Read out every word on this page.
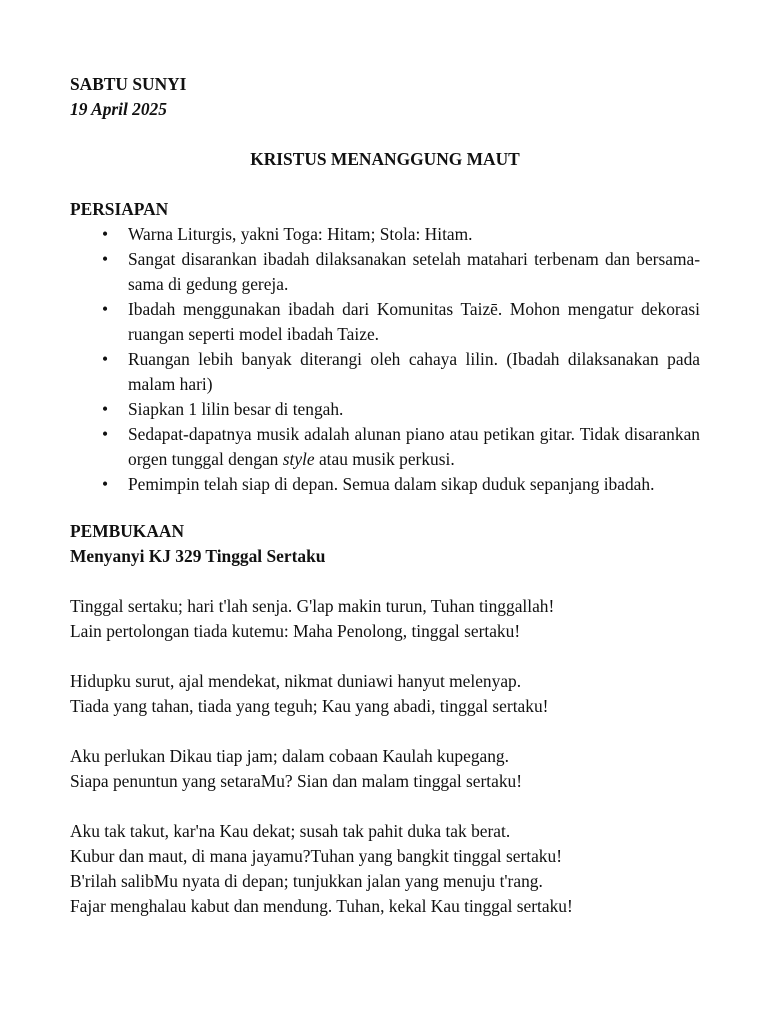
SABTU SUNYI
19 April 2025
KRISTUS MENANGGUNG MAUT
PERSIAPAN
• Warna Liturgis, yakni Toga: Hitam; Stola: Hitam.
• Sangat disarankan ibadah dilaksanakan setelah matahari terbenam dan bersama-sama di gedung gereja.
• Ibadah menggunakan ibadah dari Komunitas Taizē. Mohon mengatur dekorasi ruangan seperti model ibadah Taize.
• Ruangan lebih banyak diterangi oleh cahaya lilin. (Ibadah dilaksanakan pada malam hari)
• Siapkan 1 lilin besar di tengah.
• Sedapat-dapatnya musik adalah alunan piano atau petikan gitar. Tidak disarankan orgen tunggal dengan style atau musik perkusi.
• Pemimpin telah siap di depan. Semua dalam sikap duduk sepanjang ibadah.
PEMBUKAAN
Menyanyi KJ 329 Tinggal Sertaku
Tinggal sertaku; hari t'lah senja. G'lap makin turun, Tuhan tinggallah!
Lain pertolongan tiada kutemu: Maha Penolong, tinggal sertaku!
Hidupku surut, ajal mendekat, nikmat duniawi hanyut melenyap.
Tiada yang tahan, tiada yang teguh; Kau yang abadi, tinggal sertaku!
Aku perlukan Dikau tiap jam; dalam cobaan Kaulah kupegang.
Siapa penuntun yang setaraMu? Sian dan malam tinggal sertaku!
Aku tak takut, kar'na Kau dekat; susah tak pahit duka tak berat.
Kubur dan maut, di mana jayamu?Tuhan yang bangkit tinggal sertaku!
B'rilah salibMu nyata di depan; tunjukkan jalan yang menuju t'rang.
Fajar menghalau kabut dan mendung. Tuhan, kekal Kau tinggal sertaku!
